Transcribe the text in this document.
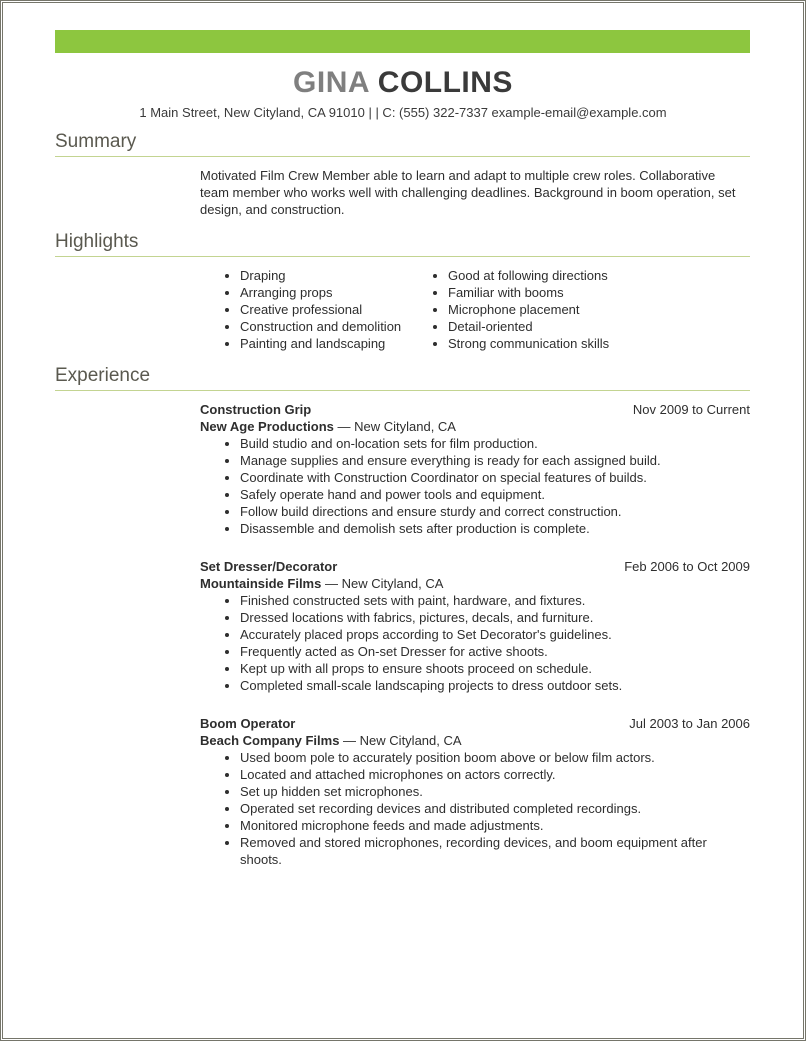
GINA COLLINS
1 Main Street, New Cityland, CA 91010 | | C: (555) 322-7337 example-email@example.com
Summary

Motivated Film Crew Member able to learn and adapt to multiple crew roles. Collaborative team member who works well with challenging deadlines. Background in boom operation, set design, and construction.

Highlights
• Draping
• Arranging props
• Creative professional
• Construction and demolition
• Painting and landscaping
• Good at following directions
• Familiar with booms
• Microphone placement
• Detail-oriented
• Strong communication skills
Experience
Construction Grip	Nov 2009 to Current
New Age Productions — New Cityland, CA
• Build studio and on-location sets for film production.
• Manage supplies and ensure everything is ready for each assigned build.
• Coordinate with Construction Coordinator on special features of builds.
• Safely operate hand and power tools and equipment.
• Follow build directions and ensure sturdy and correct construction.
• Disassemble and demolish sets after production is complete.
Set Dresser/Decorator	Feb 2006 to Oct 2009
Mountainside Films — New Cityland, CA
• Finished constructed sets with paint, hardware, and fixtures.
• Dressed locations with fabrics, pictures, decals, and furniture.
• Accurately placed props according to Set Decorator's guidelines.
• Frequently acted as On-set Dresser for active shoots.
• Kept up with all props to ensure shoots proceed on schedule.
• Completed small-scale landscaping projects to dress outdoor sets.
Boom Operator	Jul 2003 to Jan 2006
Beach Company Films — New Cityland, CA
• Used boom pole to accurately position boom above or below film actors.
• Located and attached microphones on actors correctly.
• Set up hidden set microphones.
• Operated set recording devices and distributed completed recordings.
• Monitored microphone feeds and made adjustments.
• Removed and stored microphones, recording devices, and boom equipment after shoots.
